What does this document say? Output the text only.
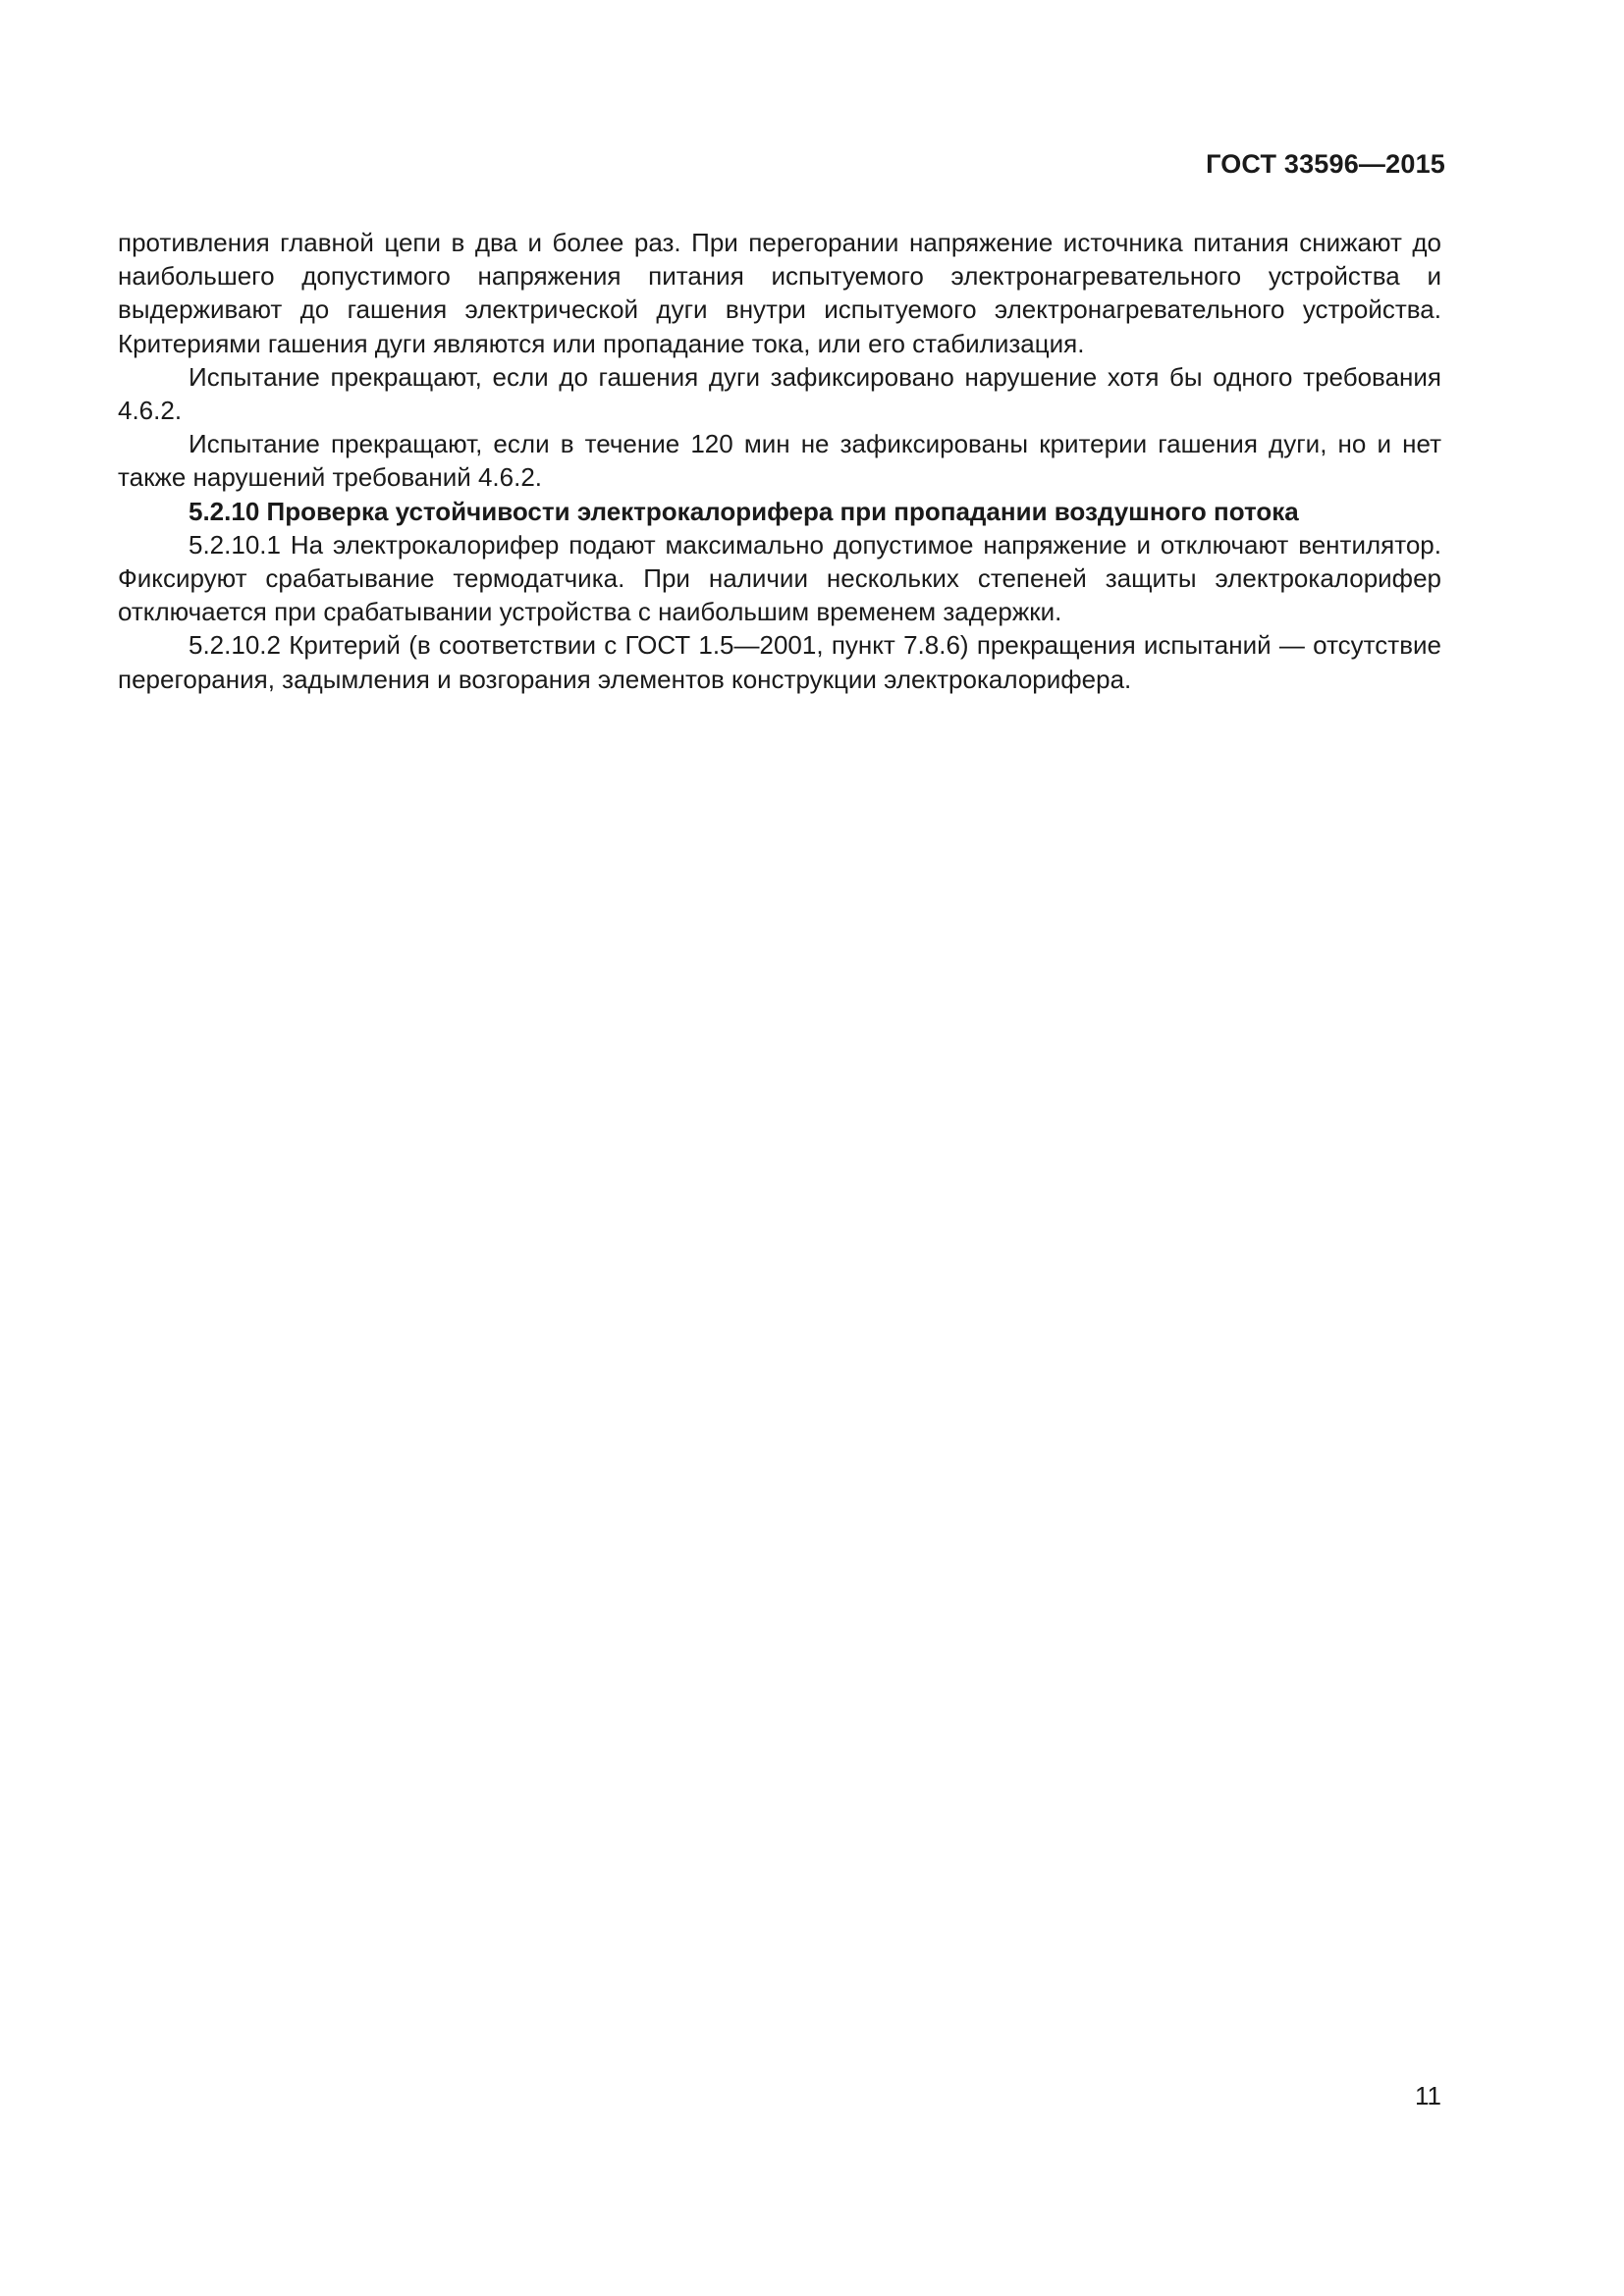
ГОСТ 33596—2015

противления главной цепи в два и более раз. При перегорании напряжение источника питания снижают до наибольшего допустимого напряжения питания испытуемого электронагревательного устройства и выдерживают до гашения электрической дуги внутри испытуемого электронагревательного устройства. Критериями гашения дуги являются или пропадание тока, или его стабилизация.

Испытание прекращают, если до гашения дуги зафиксировано нарушение хотя бы одного требования 4.6.2.

Испытание прекращают, если в течение 120 мин не зафиксированы критерии гашения дуги, но и нет также нарушений требований 4.6.2.

5.2.10 Проверка устойчивости электрокалорифера при пропадании воздушного потока

5.2.10.1 На электрокалорифер подают максимально допустимое напряжение и отключают вентилятор. Фиксируют срабатывание термодатчика. При наличии нескольких степеней защиты электрокалорифер отключается при срабатывании устройства с наибольшим временем задержки.

5.2.10.2 Критерий (в соответствии с ГОСТ 1.5—2001, пункт 7.8.6) прекращения испытаний — отсутствие перегорания, задымления и возгорания элементов конструкции электрокалорифера.

11
